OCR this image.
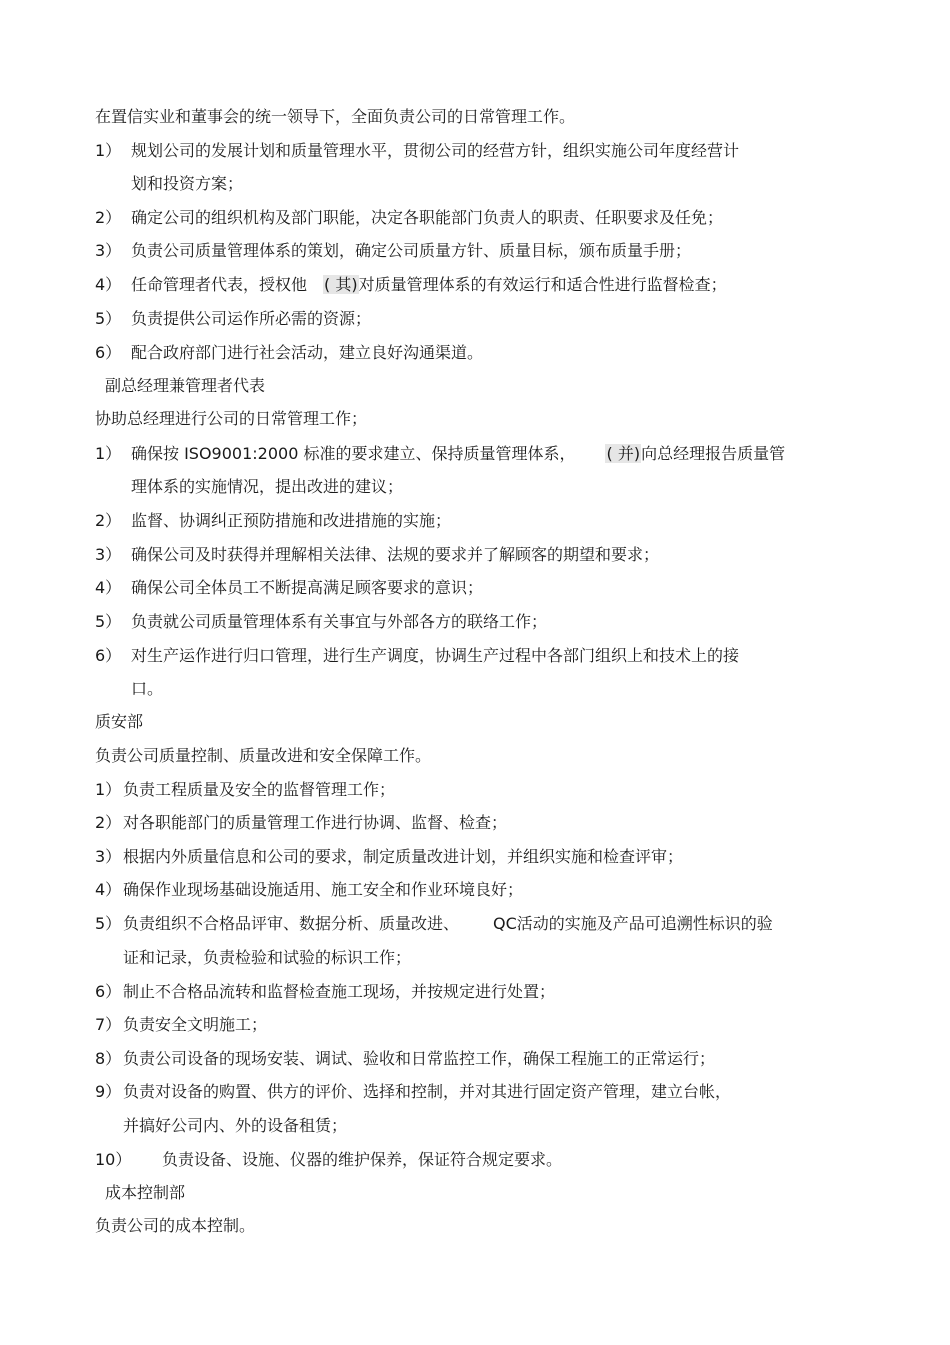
在置信实业和董事会的统一领导下，全面负责公司的日常管理工作。
1） 规划公司的发展计划和质量管理水平，贯彻公司的经营方针，组织实施公司年度经营计
划和投资方案；
2） 确定公司的组织机构及部门职能，决定各职能部门负责人的职责、任职要求及任免；
3） 负责公司质量管理体系的策划，确定公司质量方针、质量目标，颁布质量手册；
4） 任命管理者代表，授权他 ( 其)对质量管理体系的有效运行和适合性进行监督检查；
5） 负责提供公司运作所必需的资源；
6） 配合政府部门进行社会活动，建立良好沟通渠道。
副总经理兼管理者代表
协助总经理进行公司的日常管理工作；
1） 确保按 ISO9001:2000 标准的要求建立、保持质量管理体系， ( 并)向总经理报告质量管
理体系的实施情况，提出改进的建议；
2） 监督、协调纠正预防措施和改进措施的实施；
3） 确保公司及时获得并理解相关法律、法规的要求并了解顾客的期望和要求；
4） 确保公司全体员工不断提高满足顾客要求的意识；
5） 负责就公司质量管理体系有关事宜与外部各方的联络工作；
6） 对生产运作进行归口管理，进行生产调度，协调生产过程中各部门组织上和技术上的接
口。
质安部
负责公司质量控制、质量改进和安全保障工作。
1） 负责工程质量及安全的监督管理工作；
2） 对各职能部门的质量管理工作进行协调、监督、检查；
3） 根据内外质量信息和公司的要求，制定质量改进计划，并组织实施和检查评审；
4） 确保作业现场基础设施适用、施工安全和作业环境良好；
5） 负责组织不合格品评审、数据分析、质量改进、 QC活动的实施及产品可追溯性标识的验
证和记录，负责检验和试验的标识工作；
6） 制止不合格品流转和监督检查施工现场，并按规定进行处置；
7） 负责安全文明施工；
8） 负责公司设备的现场安装、调试、验收和日常监控工作，确保工程施工的正常运行；
9） 负责对设备的购置、供方的评价、选择和控制，并对其进行固定资产管理，建立台帐，
并搞好公司内、外的设备租赁；
10） 负责设备、设施、仪器的维护保养，保证符合规定要求。
成本控制部
负责公司的成本控制。
